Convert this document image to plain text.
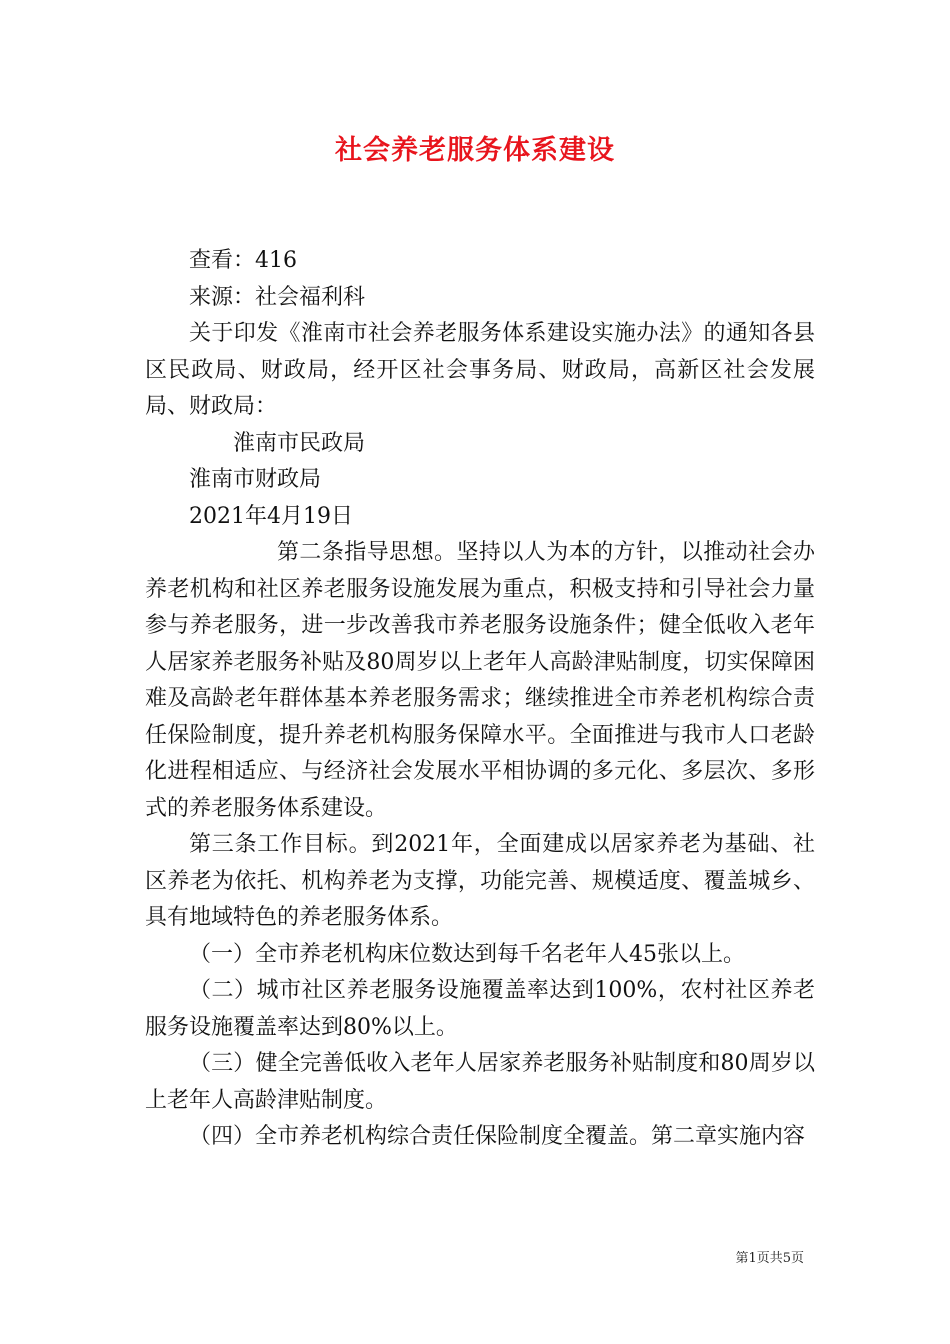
社会养老服务体系建设

查看：416

来源：社会福利科

关于印发《淮南市社会养老服务体系建设实施办法》的通知各县区民政局、财政局，经开区社会事务局、财政局，高新区社会发展局、财政局：

淮南市民政局

淮南市财政局

2021年4月19日

第二条指导思想。坚持以人为本的方针，以推动社会办养老机构和社区养老服务设施发展为重点，积极支持和引导社会力量参与养老服务，进一步改善我市养老服务设施条件；健全低收入老年人居家养老服务补贴及80周岁以上老年人高龄津贴制度，切实保障困难及高龄老年群体基本养老服务需求；继续推进全市养老机构综合责任保险制度，提升养老机构服务保障水平。全面推进与我市人口老龄化进程相适应、与经济社会发展水平相协调的多元化、多层次、多形式的养老服务体系建设。

第三条工作目标。到2021年，全面建成以居家养老为基础、社区养老为依托、机构养老为支撑，功能完善、规模适度、覆盖城乡、具有地域特色的养老服务体系。

（一）全市养老机构床位数达到每千名老年人45张以上。

（二）城市社区养老服务设施覆盖率达到100%，农村社区养老服务设施覆盖率达到80%以上。

（三）健全完善低收入老年人居家养老服务补贴制度和80周岁以上老年人高龄津贴制度。

（四）全市养老机构综合责任保险制度全覆盖。第二章实施内容

第1页共5页
